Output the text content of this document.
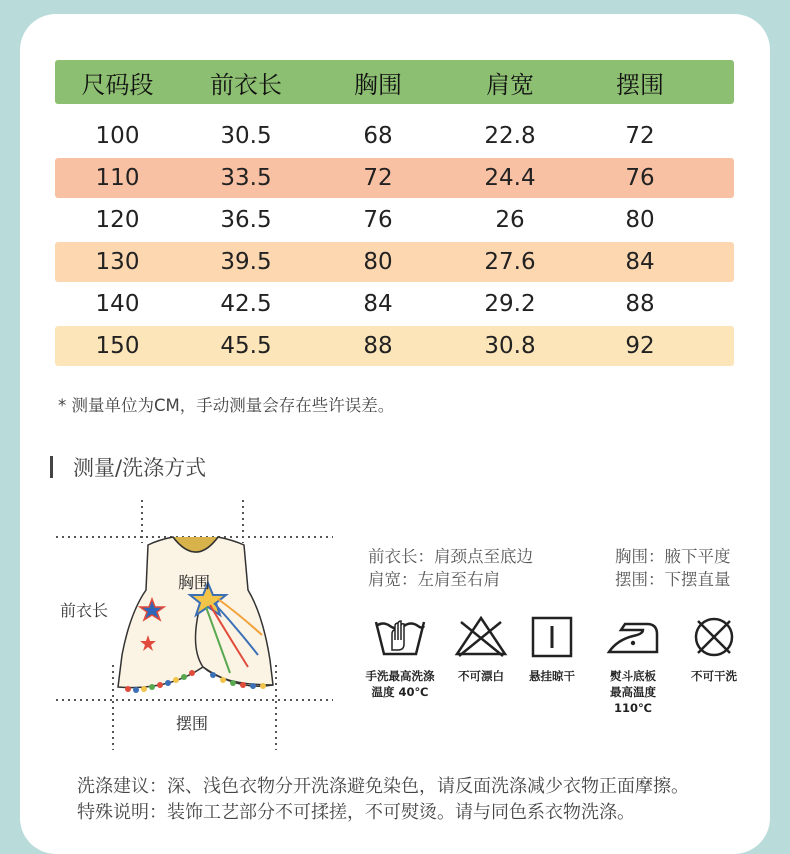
尺码段	前衣长	胸围	肩宽	摆围
100	30.5	68	22.8	72
110	33.5	72	24.4	76
120	36.5	76	26	80
130	39.5	80	27.6	84
140	42.5	84	29.2	88
150	45.5	88	30.8	92
* 测量单位为CM，手动测量会存在些许误差。
测量/洗涤方式
胸围
前衣长
摆围
前衣长：肩颈点至底边
肩宽：左肩至右肩
胸围：腋下平度
摆围：下摆直量
手洗最高洗涤
温度 40℃
不可漂白	悬挂晾干	熨斗底板
最高温度 110℃
不可干洗
洗涤建议：深、浅色衣物分开洗涤避免染色，请反面洗涤减少衣物正面摩擦。
特殊说明：装饰工艺部分不可揉搓，不可熨烫。请与同色系衣物洗涤。
